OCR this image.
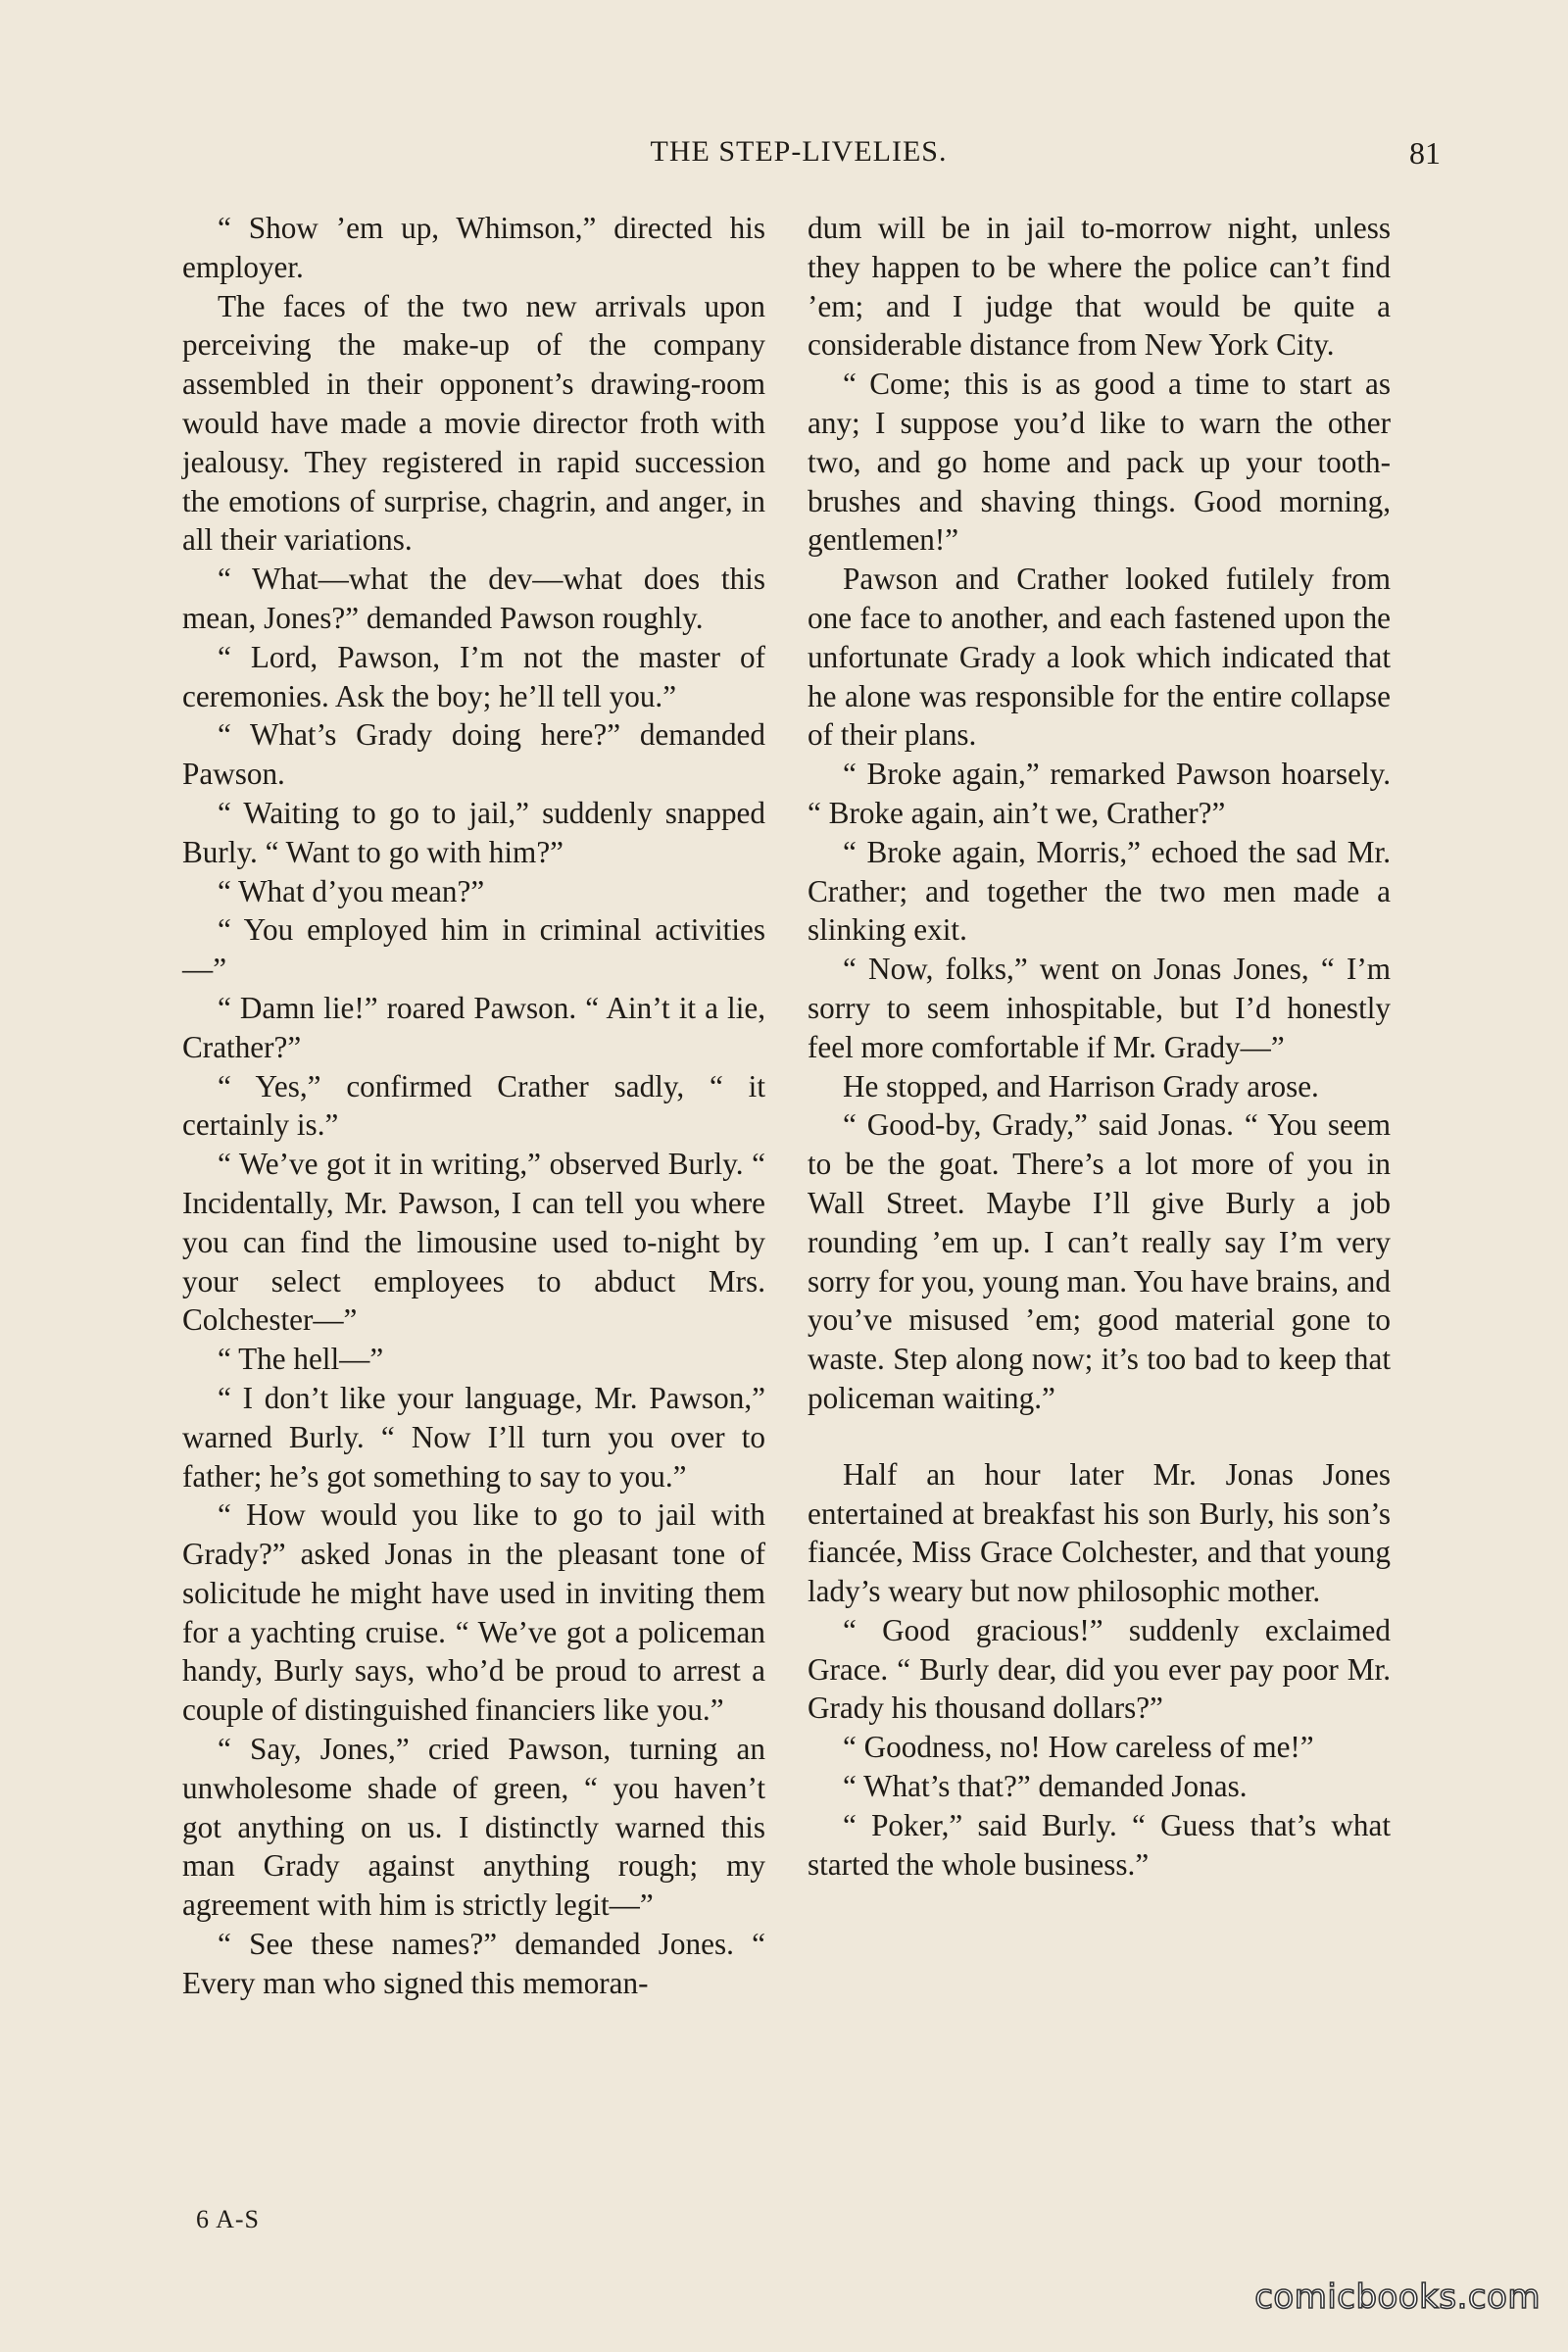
THE STEP-LIVELIES.	81

“ Show ’em up, Whimson,” directed his employer.

The faces of the two new arrivals upon perceiving the make-up of the company assembled in their opponent’s drawing-room would have made a movie director froth with jealousy. They registered in rapid succession the emotions of surprise, chagrin, and anger, in all their variations.

“ What—what the dev—what does this mean, Jones?” demanded Pawson roughly.

“ Lord, Pawson, I’m not the master of ceremonies. Ask the boy; he’ll tell you.”

“ What’s Grady doing here?” demanded Pawson.

“ Waiting to go to jail,” suddenly snapped Burly. “ Want to go with him?”

“ What d’you mean?”

“ You employed him in criminal activities—”

“ Damn lie!” roared Pawson. “ Ain’t it a lie, Crather?”

“ Yes,” confirmed Crather sadly, “ it certainly is.”

“ We’ve got it in writing,” observed Burly. “ Incidentally, Mr. Pawson, I can tell you where you can find the limousine used to-night by your select employees to abduct Mrs. Colchester—”

“ The hell—”

“ I don’t like your language, Mr. Pawson,” warned Burly. “ Now I’ll turn you over to father; he’s got something to say to you.”

“ How would you like to go to jail with Grady?” asked Jonas in the pleasant tone of solicitude he might have used in inviting them for a yachting cruise. “ We’ve got a policeman handy, Burly says, who’d be proud to arrest a couple of distinguished financiers like you.”

“ Say, Jones,” cried Pawson, turning an unwholesome shade of green, “ you haven’t got anything on us. I distinctly warned this man Grady against anything rough; my agreement with him is strictly legit—”

“ See these names?” demanded Jones. “ Every man who signed this memoran-

dum will be in jail to-morrow night, unless they happen to be where the police can’t find ’em; and I judge that would be quite a considerable distance from New York City.

“ Come; this is as good a time to start as any; I suppose you’d like to warn the other two, and go home and pack up your tooth-brushes and shaving things. Good morning, gentlemen!”

Pawson and Crather looked futilely from one face to another, and each fastened upon the unfortunate Grady a look which indicated that he alone was responsible for the entire collapse of their plans.

“ Broke again,” remarked Pawson hoarsely. “ Broke again, ain’t we, Crather?”

“ Broke again, Morris,” echoed the sad Mr. Crather; and together the two men made a slinking exit.

“ Now, folks,” went on Jonas Jones, “ I’m sorry to seem inhospitable, but I’d honestly feel more comfortable if Mr. Grady—”

He stopped, and Harrison Grady arose.

“ Good-by, Grady,” said Jonas. “ You seem to be the goat. There’s a lot more of you in Wall Street. Maybe I’ll give Burly a job rounding ’em up. I can’t really say I’m very sorry for you, young man. You have brains, and you’ve misused ’em; good material gone to waste. Step along now; it’s too bad to keep that policeman waiting.”

Half an hour later Mr. Jonas Jones entertained at breakfast his son Burly, his son’s fiancée, Miss Grace Colchester, and that young lady’s weary but now philosophic mother.

“ Good gracious!” suddenly exclaimed Grace. “ Burly dear, did you ever pay poor Mr. Grady his thousand dollars?”

“ Goodness, no! How careless of me!”

“ What’s that?” demanded Jonas.

“ Poker,” said Burly. “ Guess that’s what started the whole business.”

6 A-S
comicbooks.com
